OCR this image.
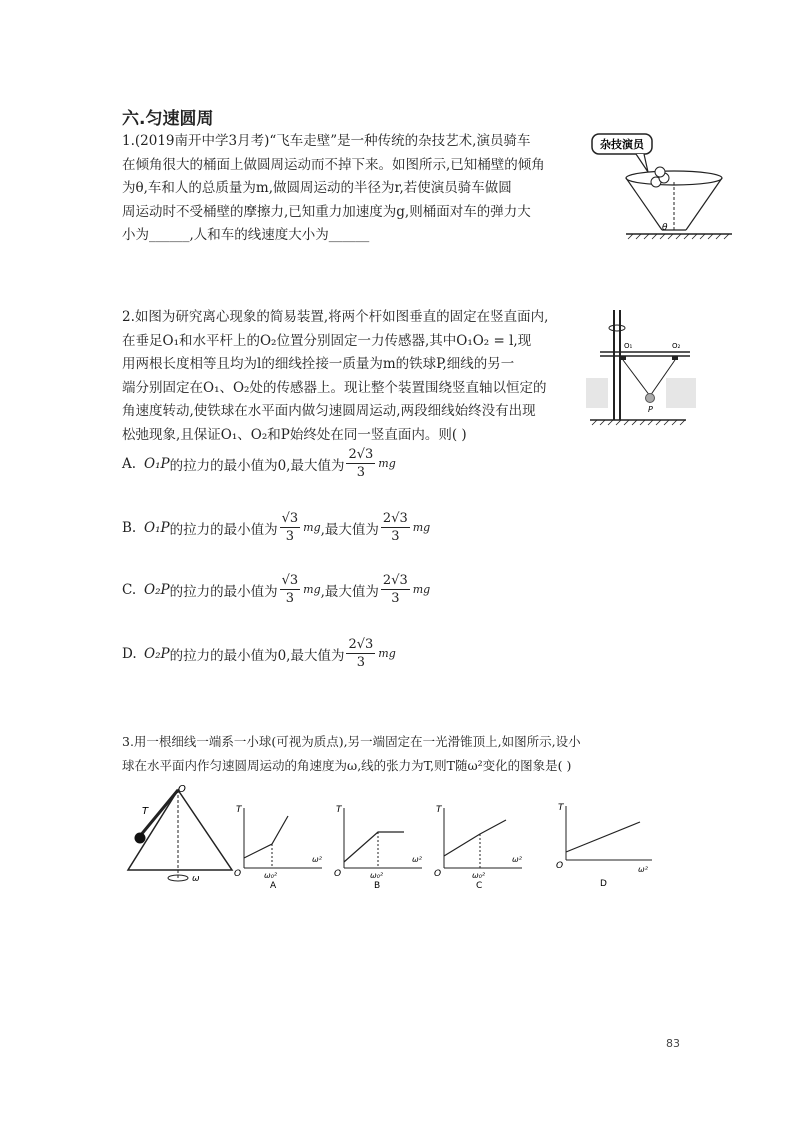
六.匀速圆周
1.(2019南开中学3月考)“飞车走壁”是一种传统的杂技艺术,演员骑车
在倾角很大的桶面上做圆周运动而不掉下来。如图所示,已知桶壁的倾角
为θ,车和人的总质量为m,做圆周运动的半径为r,若使演员骑车做圆
周运动时不受桶壁的摩擦力,已知重力加速度为g,则桶面对车的弹力大
小为______,人和车的线速度大小为______
杂技演员
θ
2.如图为研究离心现象的简易装置,将两个杆如图垂直的固定在竖直面内,
在垂足O₁和水平杆上的O₂位置分别固定一力传感器,其中O₁O₂ = l,现
用两根长度相等且均为l的细线拴接一质量为m的铁球P,细线的另一
端分别固定在O₁、O₂处的传感器上。现让整个装置围绕竖直轴以恒定的
角速度转动,使铁球在水平面内做匀速圆周运动,两段细线始终没有出现
松弛现象,且保证O₁、O₂和P始终处在同一竖直面内。则( )
O₁	O₂
P
A. O₁P 的拉力的最小值为0,最大值为 $\frac{2√3}{3}$ mg
B. O₁P 的拉力的最小值为 $\frac{√3}{3}$ mg ,最大值为 $\frac{2√3}{3}$ mg
C. O₂P 的拉力的最小值为 $\frac{√3}{3}$ mg ,最大值为 $\frac{2√3}{3}$ mg
D. O₂P 的拉力的最小值为0,最大值为 $\frac{2√3}{3}$ mg
3.用一根细线一端系一小球(可视为质点),另一端固定在一光滑锥顶上,如图所示,设小
球在水平面内作匀速圆周运动的角速度为ω,线的张力为T,则T随ω²变化的图象是( )
O
T
ω
T
O
ω²
ω₀²
A
T
O
ω²
ω₀²
B
T
O
ω²
ω₀²
C
T
O	ω²
D
83
